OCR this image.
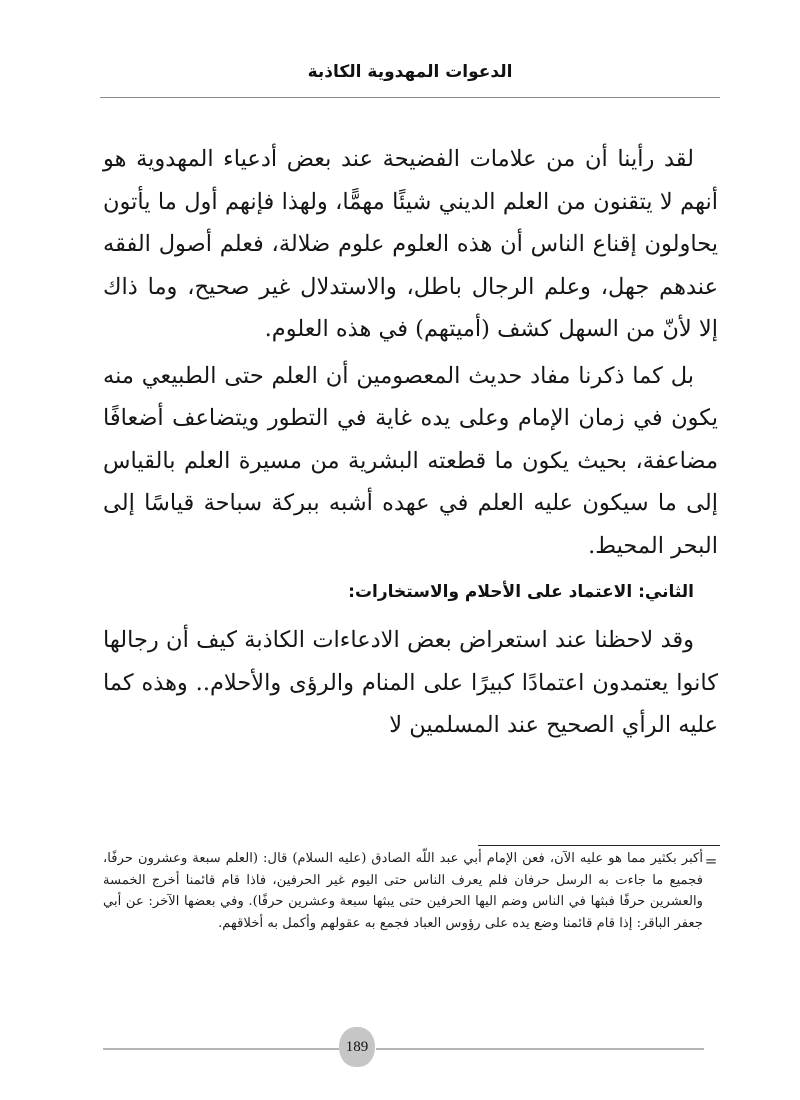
الدعوات المهدوية الكاذبة

لقد رأينا أن من علامات الفضيحة عند بعض أدعياء المهدوية هو أنهم لا يتقنون من العلم الديني شيئًا مهمًّا، ولهذا فإنهم أول ما يأتون يحاولون إقناع الناس أن هذه العلوم علوم ضلالة، فعلم أصول الفقه عندهم جهل، وعلم الرجال باطل، والاستدلال غير صحيح، وما ذاك إلا لأنّ من السهل كشف (أميتهم) في هذه العلوم.

بل كما ذكرنا مفاد حديث المعصومين أن العلم حتى الطبيعي منه يكون في زمان الإمام وعلى يده غاية في التطور ويتضاعف أضعافًا مضاعفة، بحيث يكون ما قطعته البشرية من مسيرة العلم بالقياس إلى ما سيكون عليه العلم في عهده أشبه ببركة سباحة قياسًا إلى البحر المحيط.

الثاني: الاعتماد على الأحلام والاستخارات:

وقد لاحظنا عند استعراض بعض الادعاءات الكاذبة كيف أن رجالها كانوا يعتمدون اعتمادًا كبيرًا على المنام والرؤى والأحلام.. وهذه كما عليه الرأي الصحيح عند المسلمين لا

=
أكبر بكثير مما هو عليه الآن، فعن الإمام أبي عبد اللّه الصادق (عليه السلام) قال: (العلم سبعة وعشرون حرفًا، فجميع ما جاءت به الرسل حرفان فلم يعرف الناس حتى اليوم غير الحرفين، فاذا قام قائمنا أخرج الخمسة والعشرين حرفًا فبثها في الناس وضم اليها الحرفين حتى يبثها سبعة وعشرين حرفًا). وفي بعضها الآخر: عن أبي جعفر الباقر: إذا قام قائمنا وضع يده على رؤوس العباد فجمع به عقولهم وأكمل به أخلاقهم.
189
